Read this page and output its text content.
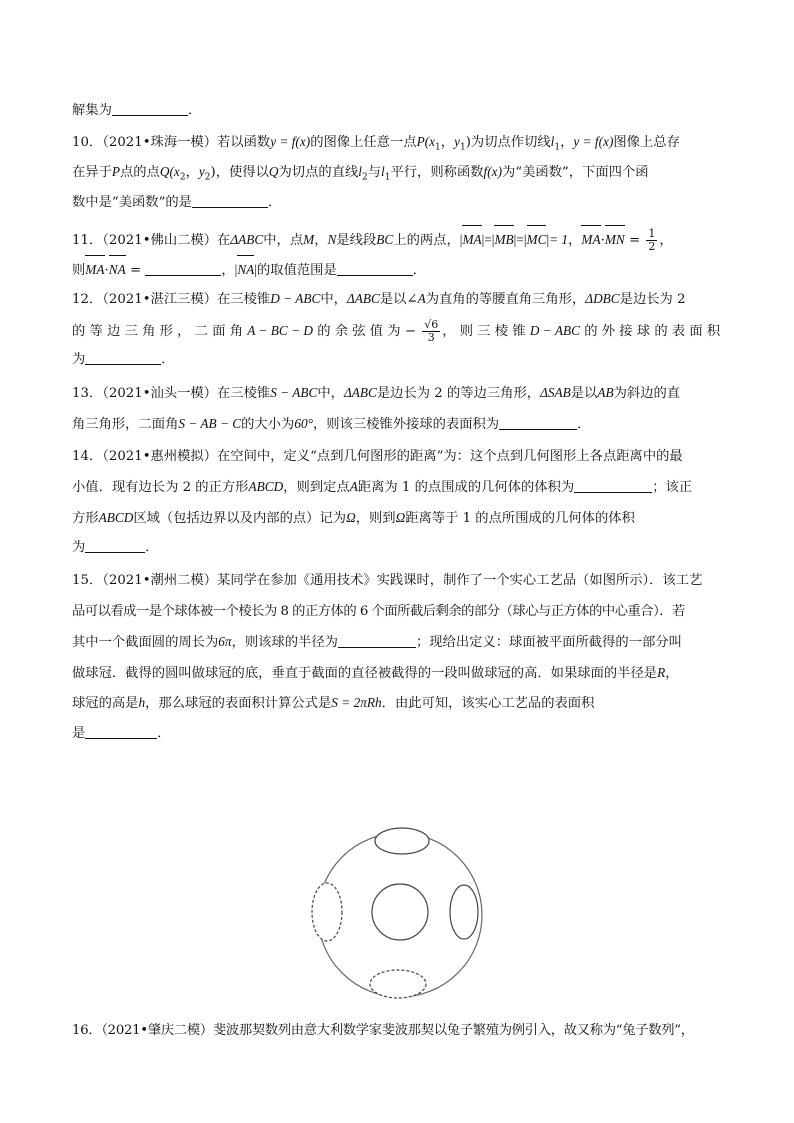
解集为	．
10．（2021•珠海一模）若以函数y = f(x)的图像上任意一点$P(x_1$，$y_1$)为切点作切线$l_1$，y = f(x)图像上总存
在异于P点的点$Q(x_2$，$y_2$)，使得以Q为切点的直线$l_2$与$l_1$平行，则称函数f(x)为“美函数”，下面四个函
数中是“美函数”的是	．
11．（2021•佛山二模）在ΔABC中，点M，N是线段BC上的两点，|MA|=|MB|=|MC|= 1，$MA\cdot MN = \frac{1}{2}$ ，
则MA·NA =	，|NA|的取值范围是	．
12．（2021•湛江三模）在三棱锥D − ABC中，ΔABC是以∠A为直角的等腰直角三角形，ΔDBC是边长为 2
的 等 边 三 角 形 ， 二 面 角 A − BC − D 的 余 弦 值 为 − $\frac{√6}{3}$ ， 则 三 棱 锥 D − ABC 的 外 接 球 的 表 面 积
为	．
13．（2021•汕头一模）在三棱锥S − ABC中，ΔABC是边长为 2 的等边三角形，ΔSAB是以AB为斜边的直
角三角形，二面角S − AB − C的大小为60°，则该三棱锥外接球的表面积为	．
14．（2021•惠州模拟）在空间中，定义“点到几何图形的距离”为：这个点到几何图形上各点距离中的最
小值．现有边长为 2 的正方形ABCD，则到定点A距离为 1 的点围成的几何体的体积为	；该正
方形ABCD区域（包括边界以及内部的点）记为Ω，则到Ω距离等于 1 的点所围成的几何体的体积
为	．
15．（2021•潮州二模）某同学在参加《通用技术》实践课时，制作了一个实心工艺品（如图所示）．该工艺
品可以看成一是个球体被一个棱长为 8 的正方体的 6 个面所截后剩余的部分（球心与正方体的中心重合）．若
其中一个截面圆的周长为6π，则该球的半径为	；现给出定义：球面被平面所截得的一部分叫
做球冠．截得的圆叫做球冠的底，垂直于截面的直径被截得的一段叫做球冠的高．如果球面的半径是R，
球冠的高是h，那么球冠的表面积计算公式是S = 2πRh．由此可知，该实心工艺品的表面积
是	．
16．（2021•肇庆二模）斐波那契数列由意大利数学家斐波那契以兔子繁殖为例引入，故又称为“兔子数列”，
